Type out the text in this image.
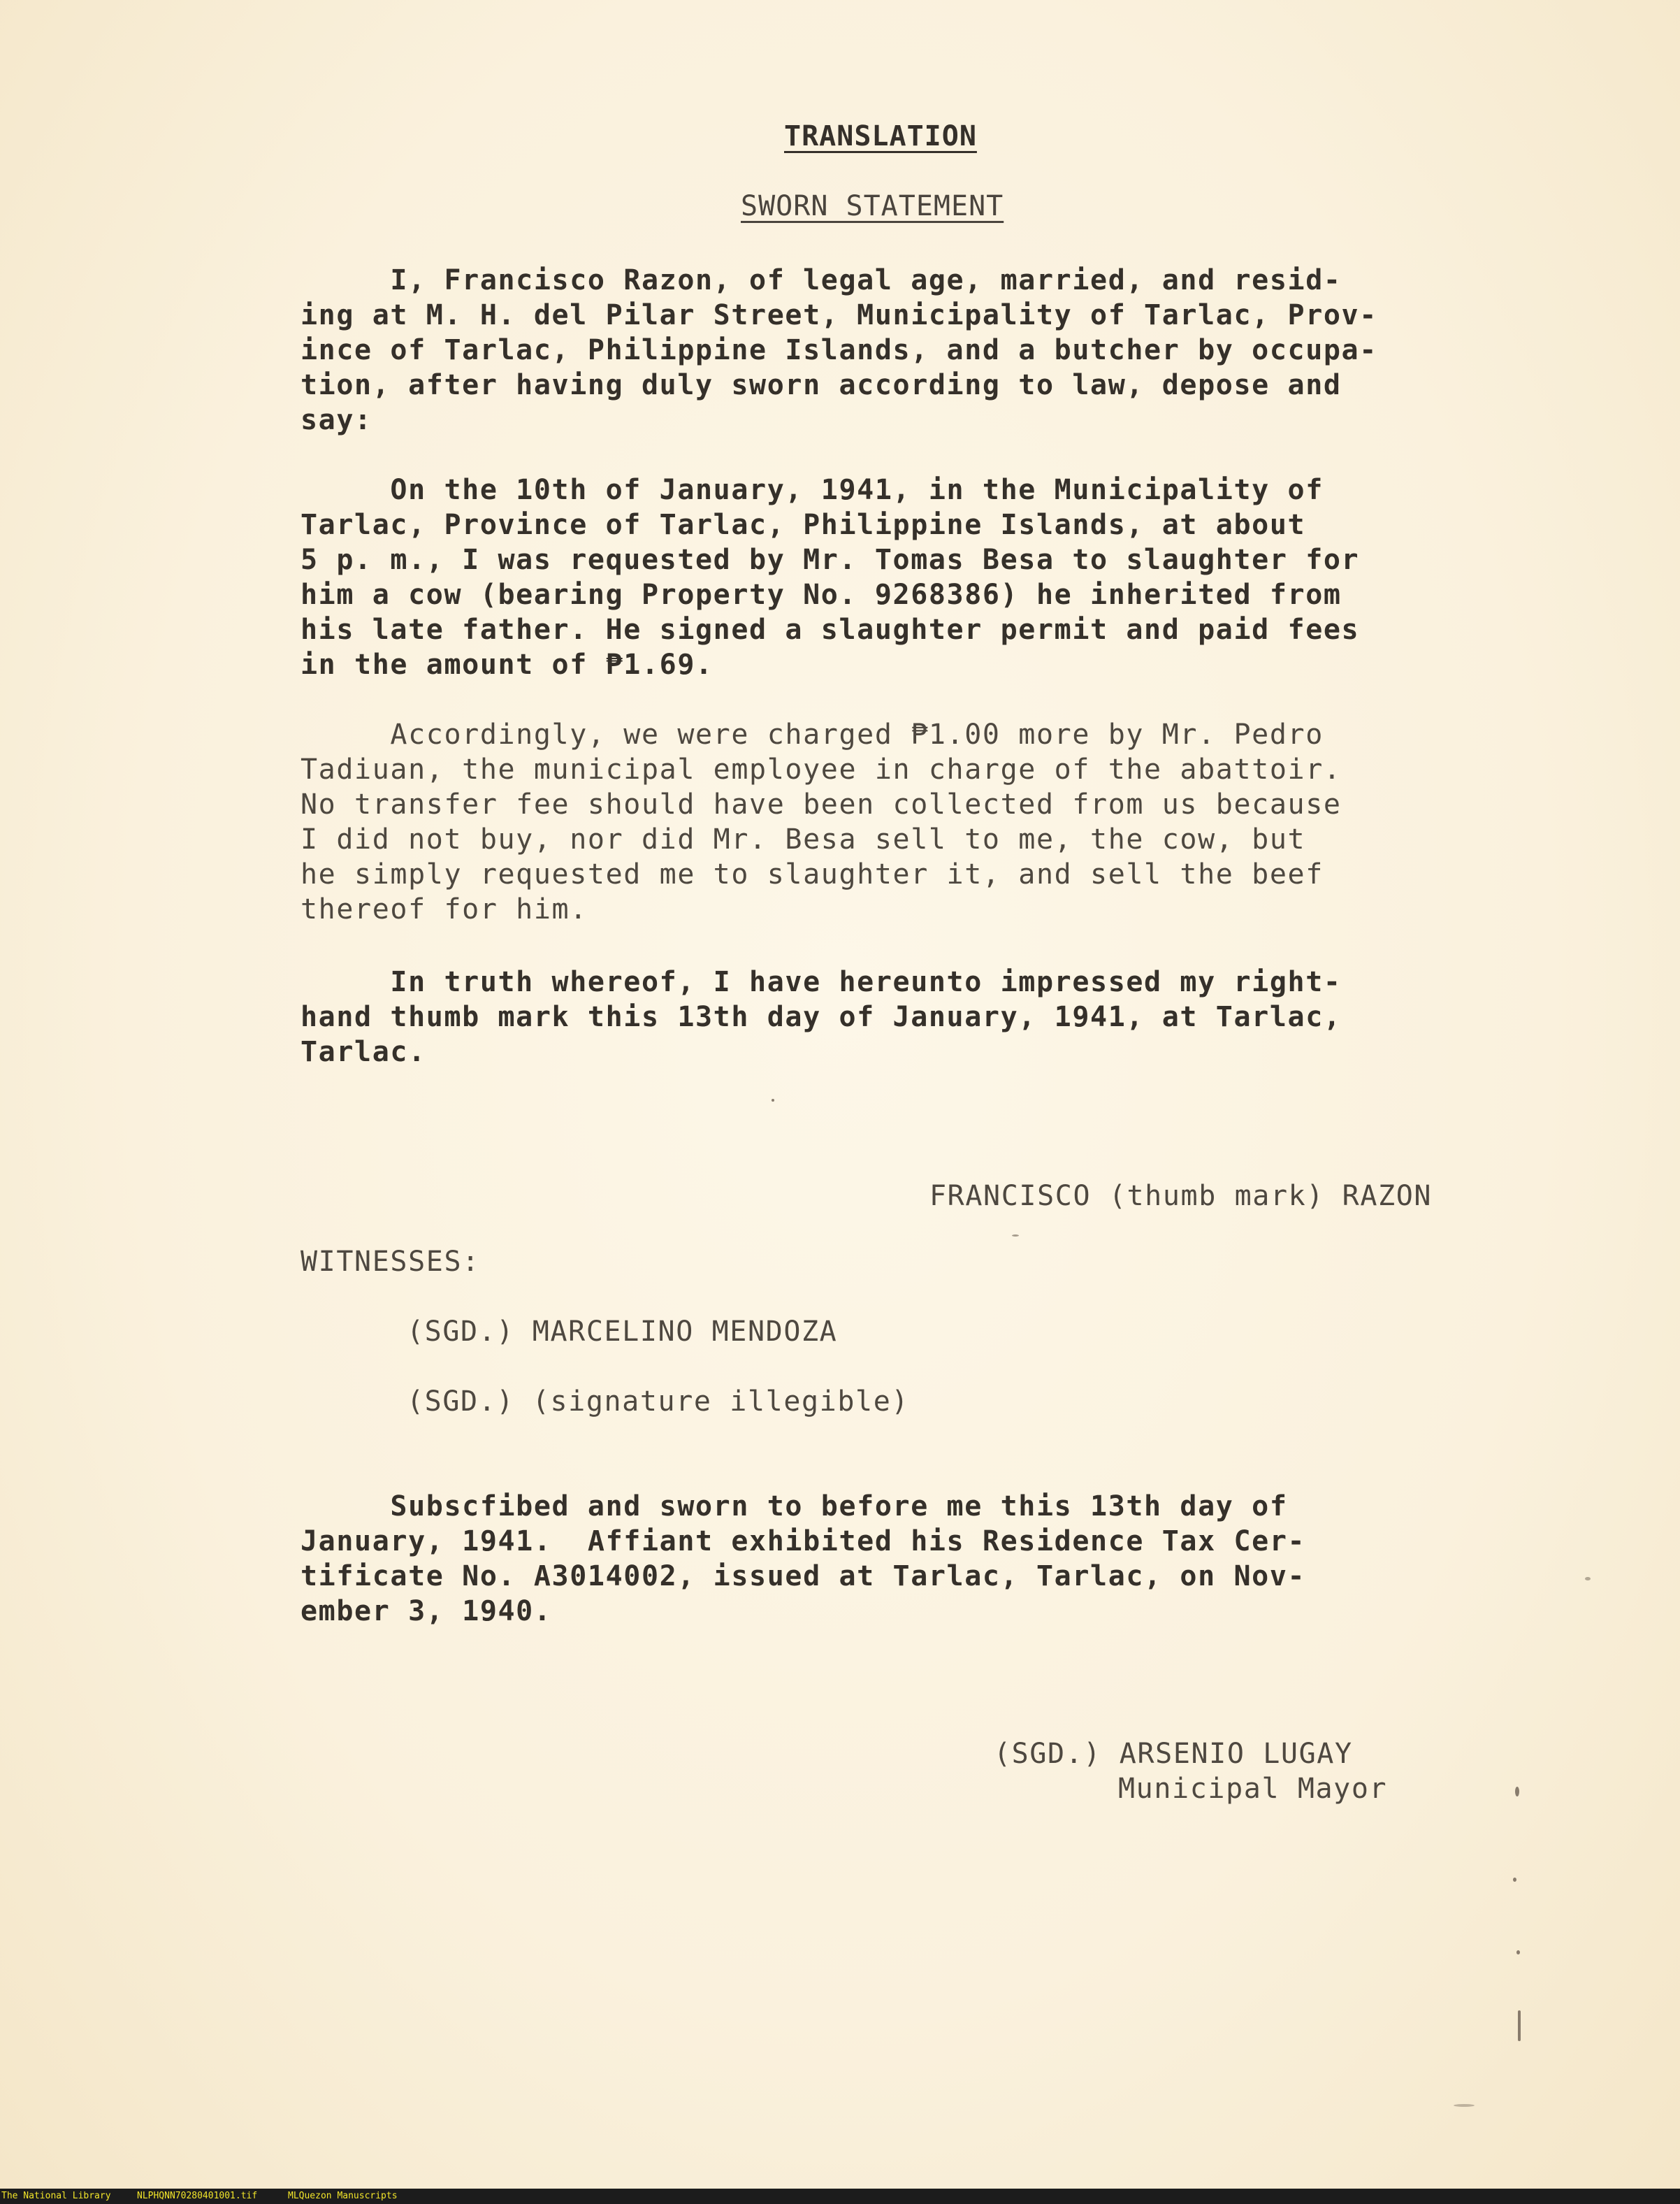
TRANSLATION
SWORN STATEMENT
I, Francisco Razon, of legal age, married, and resid-
ing at M. H. del Pilar Street, Municipality of Tarlac, Prov-
ince of Tarlac, Philippine Islands, and a butcher by occupa-
tion, after having duly sworn according to law, depose and
say:
On the 10th of January, 1941, in the Municipality of
Tarlac, Province of Tarlac, Philippine Islands, at about
5 p. m., I was requested by Mr. Tomas Besa to slaughter for
him a cow (bearing Property No. 9268386) he inherited from
his late father. He signed a slaughter permit and paid fees
in the amount of ₱1.69.
Accordingly, we were charged ₱1.00 more by Mr. Pedro
Tadiuan, the municipal employee in charge of the abattoir.
No transfer fee should have been collected from us because
I did not buy, nor did Mr. Besa sell to me, the cow, but
he simply requested me to slaughter it, and sell the beef
thereof for him.
In truth whereof, I have hereunto impressed my right-
hand thumb mark this 13th day of January, 1941, at Tarlac,
Tarlac.
FRANCISCO (thumb mark) RAZON
WITNESSES:
(SGD.) MARCELINO MENDOZA
(SGD.) (signature illegible)
Subscfibed and sworn to before me this 13th day of
January, 1941.  Affiant exhibited his Residence Tax Cer-
tificate No. A3014002, issued at Tarlac, Tarlac, on Nov-
ember 3, 1940.
(SGD.) ARSENIO LUGAY
Municipal Mayor
The National Library	NLPHQNN70280401001.tif	MLQuezon Manuscripts
